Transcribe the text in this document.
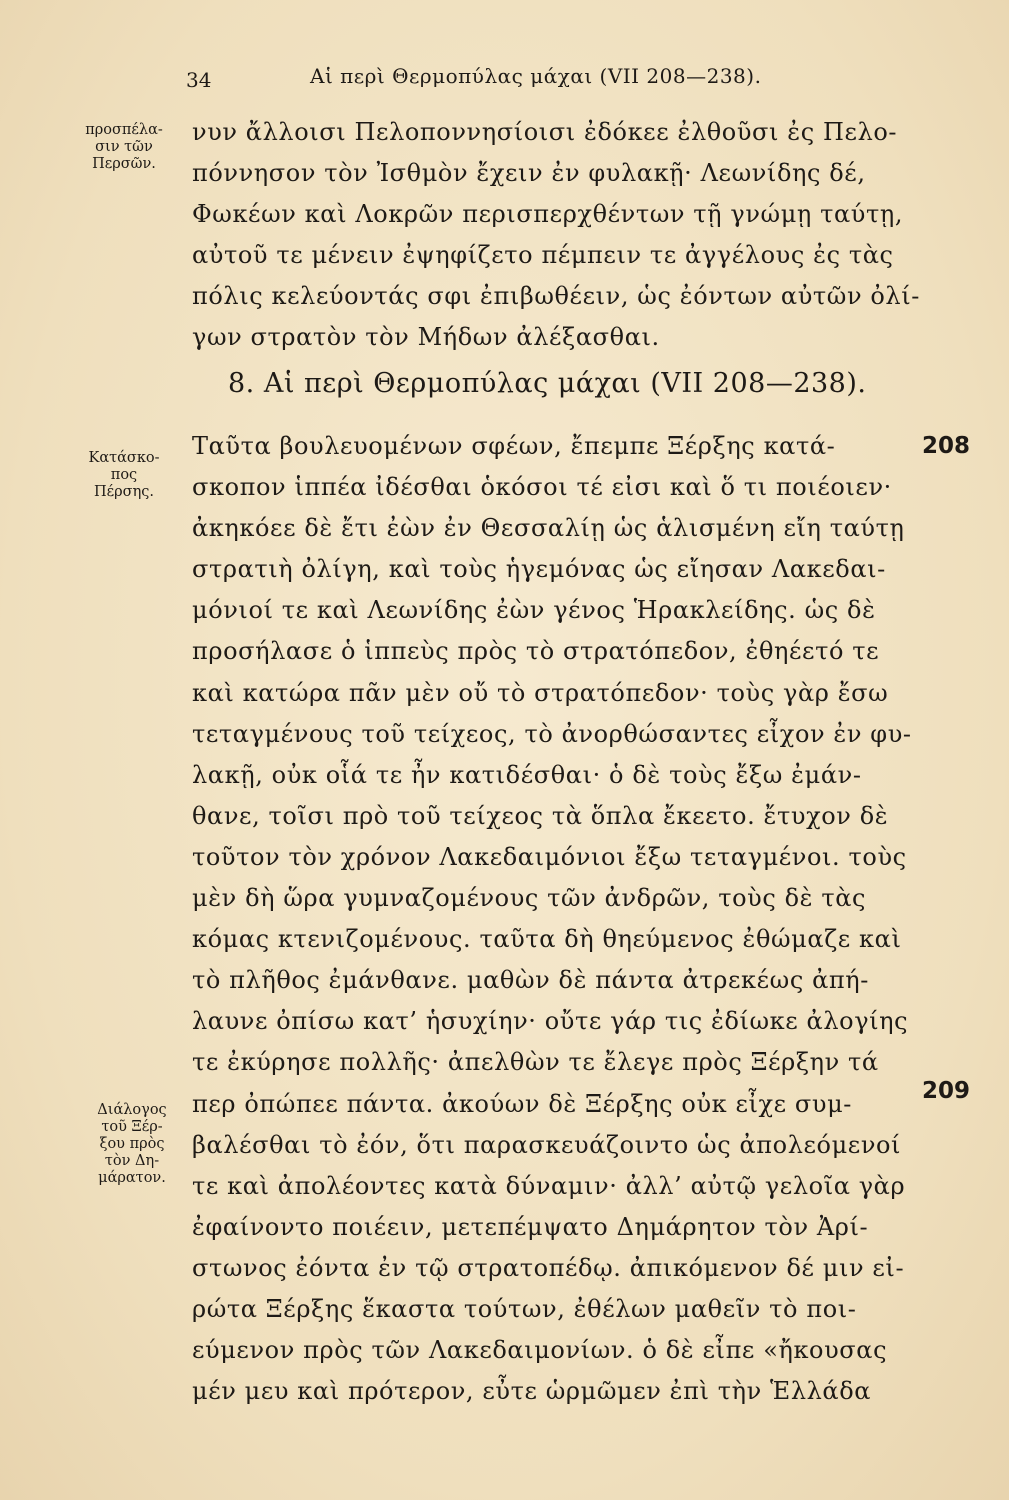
34	Αἱ περὶ Θερμοπύλας μάχαι (VII 208—238).
προσπέλα-
σιν τῶν
Περσῶν.
νυν ἄλλοισι Πελοποννησίοισι ἐδόκεε ἐλθοῦσι ἐς Πελο-
πόννησον τὸν Ἰσθμὸν ἔχειν ἐν φυλακῇ· Λεωνίδης δέ,
Φωκέων καὶ Λοκρῶν περισπερχθέντων τῇ γνώμῃ ταύτῃ,
αὐτοῦ τε μένειν ἐψηφίζετο πέμπειν τε ἀγγέλους ἐς τὰς
πόλις κελεύοντάς σφι ἐπιβωθέειν, ὡς ἐόντων αὐτῶν ὀλί-
γων στρατὸν τὸν Μήδων ἀλέξασθαι.
8. Αἱ περὶ Θερμοπύλας μάχαι (VII 208—238).
Κατάσκο-
πος
Πέρσης.
208
Ταῦτα βουλευομένων σφέων, ἔπεμπε Ξέρξης κατά-
σκοπον ἱππέα ἰδέσθαι ὁκόσοι τέ εἰσι καὶ ὅ τι ποιέοιεν·
ἀκηκόεε δὲ ἔτι ἐὼν ἐν Θεσσαλίῃ ὡς ἁλισμένη εἴη ταύτῃ
στρατιὴ ὀλίγη, καὶ τοὺς ἡγεμόνας ὡς εἴησαν Λακεδαι-
μόνιοί τε καὶ Λεωνίδης ἐὼν γένος Ἡρακλείδης. ὡς δὲ
προσήλασε ὁ ἱππεὺς πρὸς τὸ στρατόπεδον, ἐθηέετό τε
καὶ κατώρα πᾶν μὲν οὔ τὸ στρατόπεδον· τοὺς γὰρ ἔσω
τεταγμένους τοῦ τείχεος, τὸ ἀνορθώσαντες εἶχον ἐν φυ-
λακῇ, οὐκ οἷά τε ἦν κατιδέσθαι· ὁ δὲ τοὺς ἔξω ἐμάν-
θανε, τοῖσι πρὸ τοῦ τείχεος τὰ ὅπλα ἔκεετο. ἔτυχον δὲ
τοῦτον τὸν χρόνον Λακεδαιμόνιοι ἔξω τεταγμένοι. τοὺς
μὲν δὴ ὥρα γυμναζομένους τῶν ἀνδρῶν, τοὺς δὲ τὰς
κόμας κτενιζομένους. ταῦτα δὴ θηεύμενος ἐθώμαζε καὶ
τὸ πλῆθος ἐμάνθανε. μαθὼν δὲ πάντα ἀτρεκέως ἀπή-
λαυνε ὀπίσω κατ’ ἡσυχίην· οὔτε γάρ τις ἐδίωκε ἀλογίης
τε ἐκύρησε πολλῆς· ἀπελθὼν τε ἔλεγε πρὸς Ξέρξην τά
περ ὀπώπεε πάντα. ἀκούων δὲ Ξέρξης οὐκ εἶχε συμ-
βαλέσθαι τὸ ἐόν, ὅτι παρασκευάζοιντο ὡς ἀπολεόμενοί
τε καὶ ἀπολέοντες κατὰ δύναμιν· ἀλλ’ αὐτῷ γελοῖα γὰρ
ἐφαίνοντο ποιέειν, μετεπέμψατο Δημάρητον τὸν Ἀρί-
στωνος ἐόντα ἐν τῷ στρατοπέδῳ. ἀπικόμενον δέ μιν εἰ-
ρώτα Ξέρξης ἕκαστα τούτων, ἐθέλων μαθεῖν τὸ ποι-
εύμενον πρὸς τῶν Λακεδαιμονίων. ὁ δὲ εἶπε «ἤκουσας
μέν μευ καὶ πρότερον, εὖτε ὡρμῶμεν ἐπὶ τὴν Ἑλλάδα
209
Διάλογος
τοῦ Ξέρ-
ξου πρὸς
τὸν Δη-
μάρατον.
